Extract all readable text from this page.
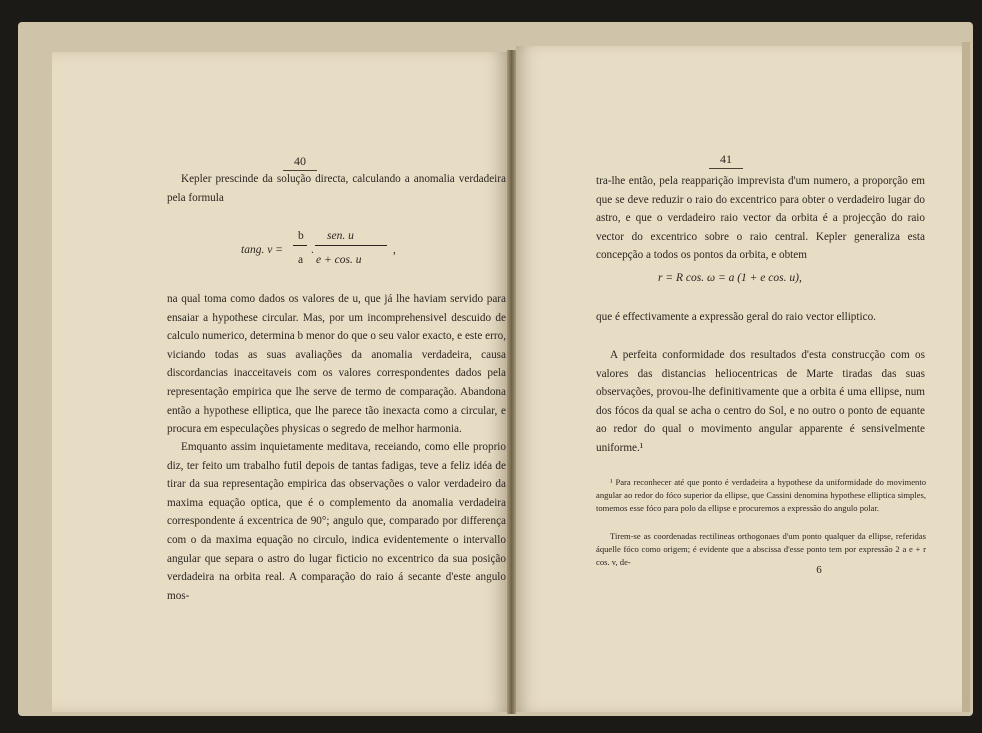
40

Kepler prescinde da solução directa, calculando a anomalia verdadeira pela formula

tang. v =
b
a
.
sen. u
e + cos. u
,

na qual toma como dados os valores de u, que já lhe haviam servido para ensaiar a hypothese circular. Mas, por um incomprehensivel descuido de calculo numerico, determina b menor do que o seu valor exacto, e este erro, viciando todas as suas avaliações da anomalia verdadeira, causa discordancias inacceitaveis com os valores correspondentes dados pela representação empirica que lhe serve de termo de comparação. Abandona então a hypothese elliptica, que lhe parece tão inexacta como a circular, e procura em especulações physicas o segredo de melhor harmonia.

Emquanto assim inquietamente meditava, receiando, como elle proprio diz, ter feito um trabalho futil depois de tantas fadigas, teve a feliz idéa de tirar da sua representação empirica das observações o valor verdadeiro da maxima equação optica, que é o complemento da anomalia verdadeira correspondente á excentrica de 90°; angulo que, comparado por differença com o da maxima equação no circulo, indica evidentemente o intervallo angular que separa o astro do lugar ficticio no excentrico da sua posição verdadeira na orbita real. A comparação do raio á secante d'este angulo mos-

41

tra-lhe então, pela reapparição imprevista d'um numero, a proporção em que se deve reduzir o raio do excentrico para obter o verdadeiro lugar do astro, e que o verdadeiro raio vector da orbita é a projecção do raio vector do excentrico sobre o raio central. Kepler generaliza esta concepção a todos os pontos da orbita, e obtem

r = R cos. ω = a (1 + e cos. u),

que é effectivamente a expressão geral do raio vector elliptico.

A perfeita conformidade dos resultados d'esta construcção com os valores das distancias heliocentricas de Marte tiradas das suas observações, provou-lhe definitivamente que a orbita é uma ellipse, num dos fócos da qual se acha o centro do Sol, e no outro o ponto de equante ao redor do qual o movimento angular apparente é sensivelmente uniforme.¹

¹ Para reconhecer até que ponto é verdadeira a hypothese da uniformidade do movimento angular ao redor do fóco superior da ellipse, que Cassini denomina hypothese elliptica simples, tomemos esse fóco para polo da ellipse e procuremos a expressão do angulo polar.

Tirem-se as coordenadas rectilineas orthogonaes d'um ponto qualquer da ellipse, referidas áquelle fóco como origem; é evidente que a abscissa d'esse ponto tem por expressão 2 a e + r cos. v, de-

6
